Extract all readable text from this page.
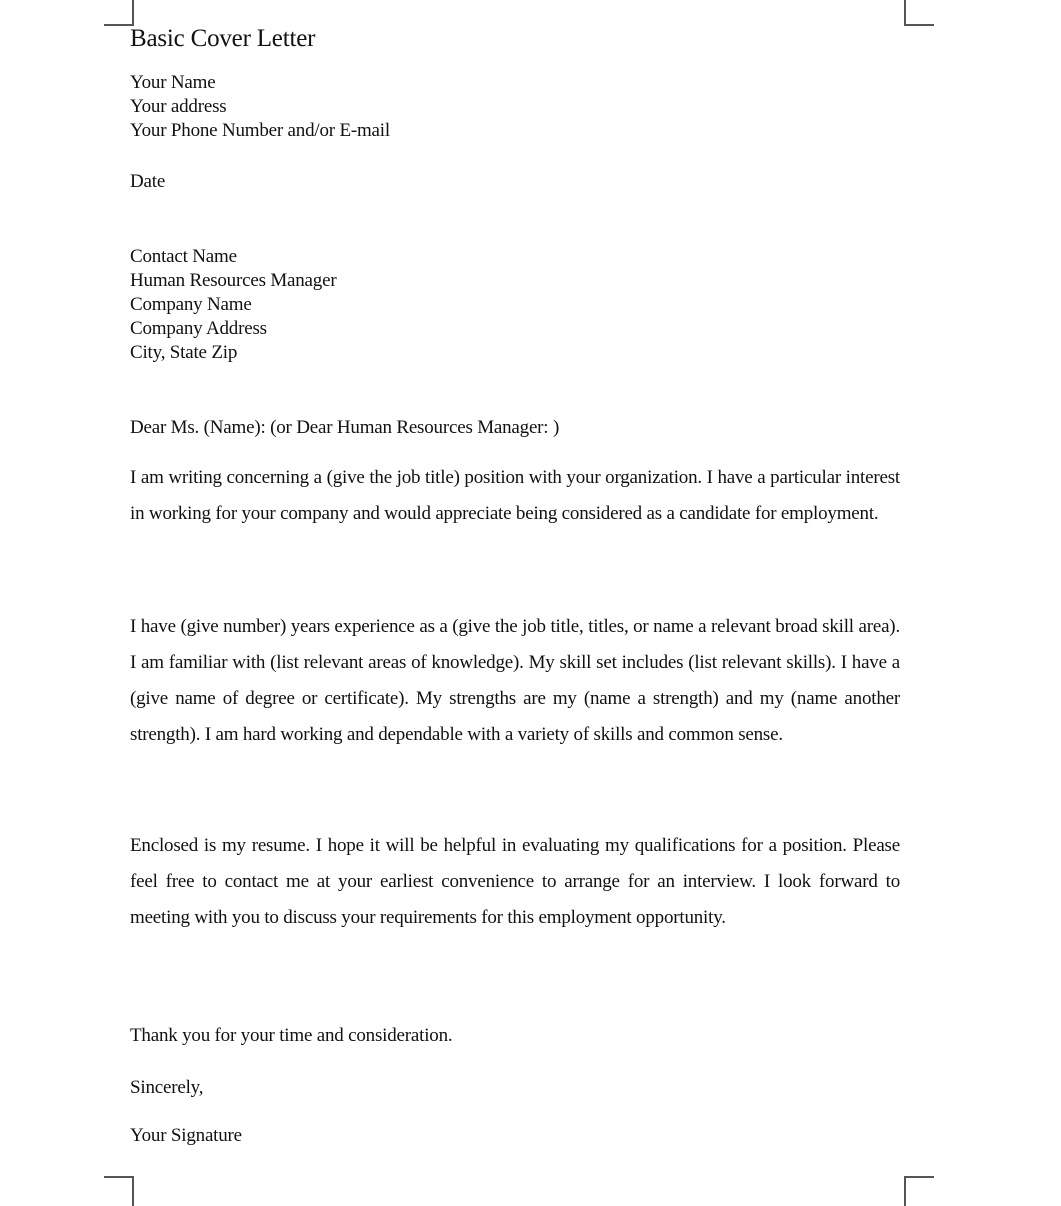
Basic Cover Letter
Your Name
Your address
Your Phone Number and/or E-mail
Date
Contact Name
Human Resources Manager
Company Name
Company Address
City, State Zip
Dear Ms. (Name): (or Dear Human Resources Manager: )
I am writing concerning a (give the job title) position with your organization. I have a particular interest in working for your company and would appreciate being considered as a candidate for employment.
I have (give number) years experience as a (give the job title, titles, or name a relevant broad skill area). I am familiar with (list relevant areas of knowledge). My skill set includes (list relevant skills). I have a (give name of degree or certificate). My strengths are my (name a strength) and my (name another strength). I am hard working and dependable with a variety of skills and common sense.
Enclosed is my resume. I hope it will be helpful in evaluating my qualifications for a position. Please feel free to contact me at your earliest convenience to arrange for an interview. I look forward to meeting with you to discuss your requirements for this employment opportunity.
Thank you for your time and consideration.
Sincerely,
Your Signature
